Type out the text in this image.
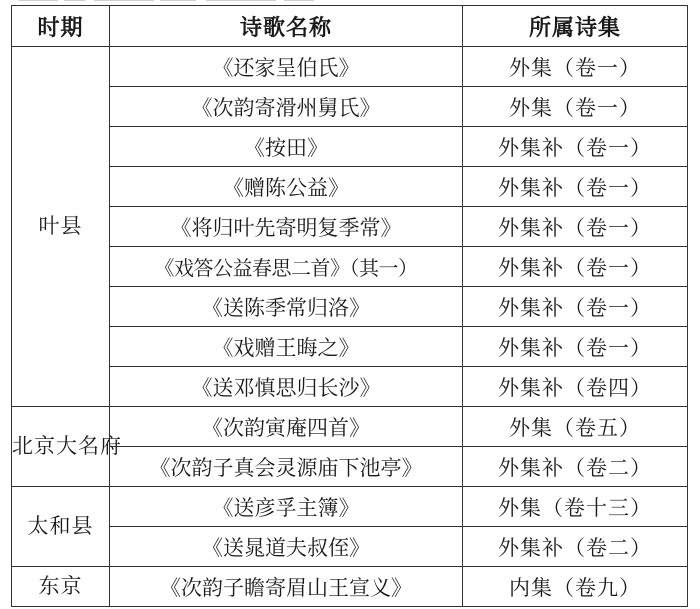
时期	诗歌名称	所属诗集
叶县	《还家呈伯氏》	外集（卷一）
	《次韵寄滑州舅氏》	外集（卷一）
	《按田》	外集补（卷一）
	《赠陈公益》	外集补（卷一）
	《将归叶先寄明复季常》	外集补（卷一）
	《戏答公益春思二首》（其一）	外集补（卷一）
	《送陈季常归洛》	外集补（卷一）
	《戏赠王晦之》	外集补（卷一）
	《送邓慎思归长沙》	外集补（卷四）
北京大名府	《次韵寅庵四首》	外集（卷五）
	《次韵子真会灵源庙下池亭》	外集补（卷二）
太和县	《送彦孚主簿》	外集（卷十三）
	《送晁道夫叔侄》	外集补（卷二）
东京	《次韵子瞻寄眉山王宣义》	内集（卷九）
